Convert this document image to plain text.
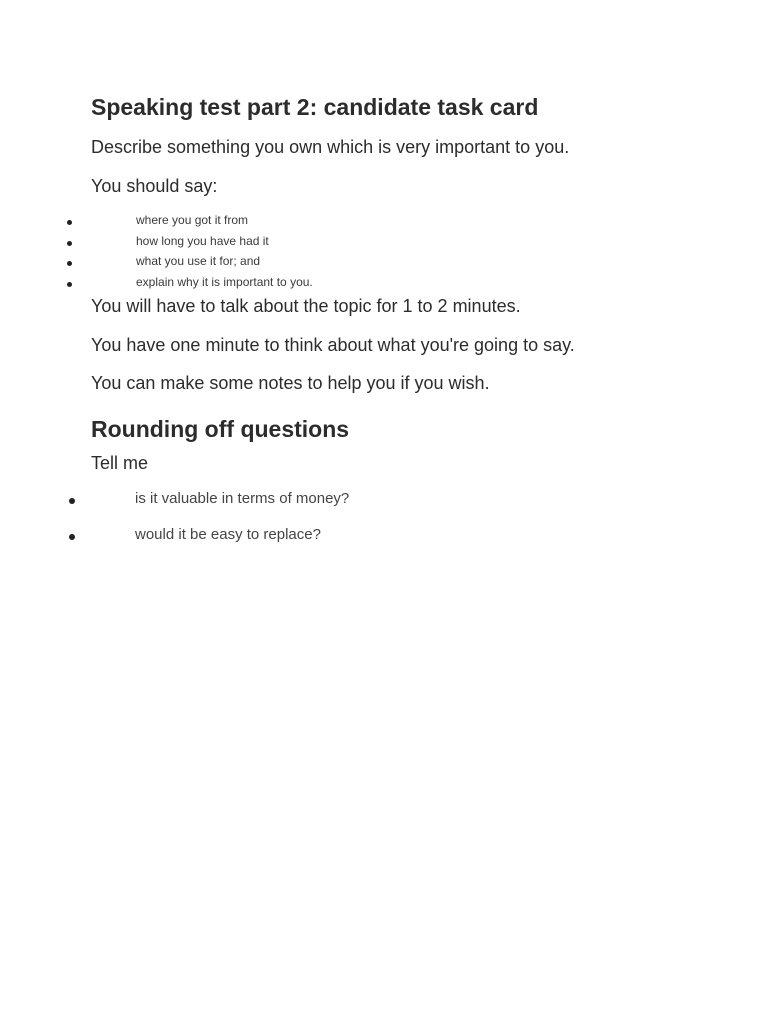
Speaking test part 2: candidate task card
Describe something you own which is very important to you.
You should say:
where you got it from
how long you have had it
what you use it for; and
explain why it is important to you.
You will have to talk about the topic for 1 to 2 minutes.
You have one minute to think about what you're going to say.
You can make some notes to help you if you wish.
Rounding off questions
Tell me
is it valuable in terms of money?
would it be easy to replace?
